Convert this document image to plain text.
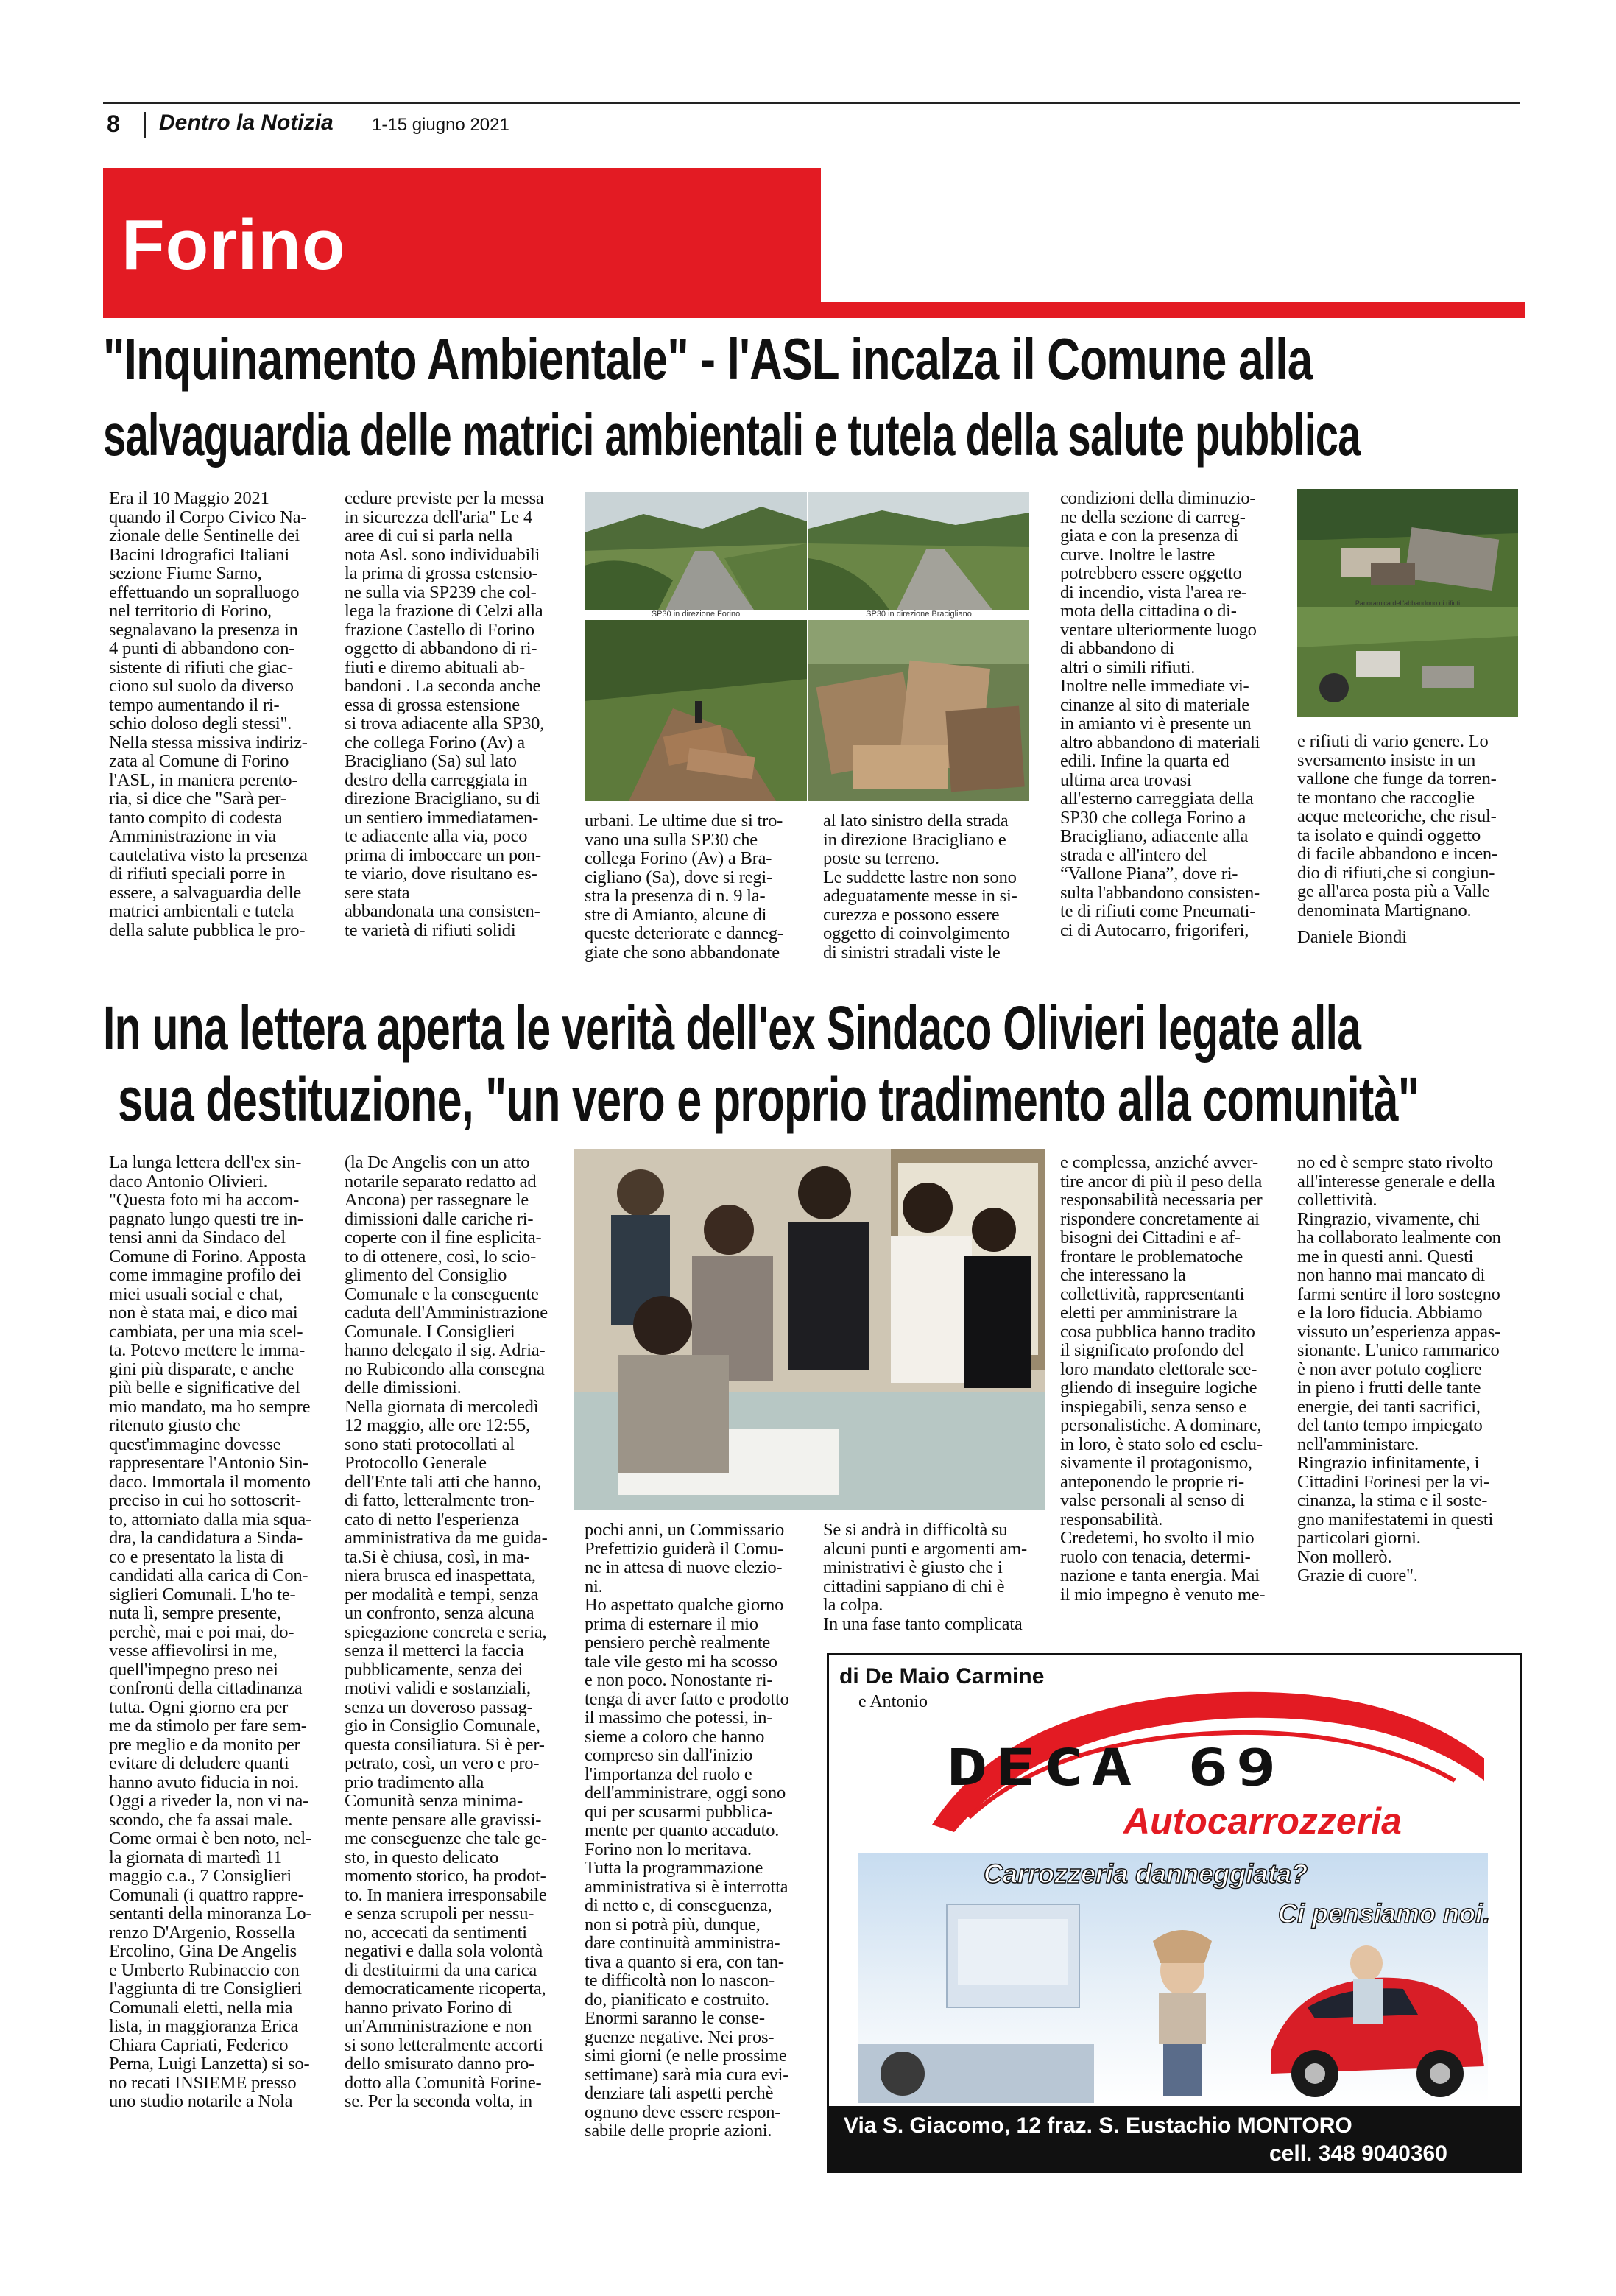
8 Dentro la Notizia 1-15 giugno 2021
Forino
"Inquinamento Ambientale" - l'ASL incalza il Comune alla
salvaguardia delle matrici ambientali e tutela della salute pubblica
Era il 10 Maggio 2021
quando il Corpo Civico Na-
zionale delle Sentinelle dei
Bacini Idrografici Italiani
sezione Fiume Sarno,
effettuando un sopralluogo
nel territorio di Forino,
segnalavano la presenza in
4 punti di abbandono con-
sistente di rifiuti che giac-
ciono sul suolo da diverso
tempo aumentando il ri-
schio doloso degli stessi".
Nella stessa missiva indiriz-
zata al Comune di Forino
l'ASL, in maniera perento-
ria, si dice che "Sarà per-
tanto compito di codesta
Amministrazione in via
cautelativa visto la presenza
di rifiuti speciali porre in
essere, a salvaguardia delle
matrici ambientali e tutela
della salute pubblica le pro-
cedure previste per la messa
in sicurezza dell'aria" Le 4
aree di cui si parla nella
nota Asl. sono individuabili
la prima di grossa estensio-
ne sulla via SP239 che col-
lega la frazione di Celzi alla
frazione Castello di Forino
oggetto di abbandono di ri-
fiuti e diremo abituali ab-
bandoni . La seconda anche
essa di grossa estensione
si trova adiacente alla SP30,
che collega Forino (Av) a
Bracigliano (Sa) sul lato
destro della carreggiata in
direzione Bracigliano, su di
un sentiero immediatamen-
te adiacente alla via, poco
prima di imboccare un pon-
te viario, dove risultano es-
sere stata
abbandonata una consisten-
te varietà di rifiuti solidi
urbani. Le ultime due si tro-
vano una sulla SP30 che
collega Forino (Av) a Bra-
cigliano (Sa), dove si regi-
stra la presenza di n. 9 la-
stre di Amianto, alcune di
queste deteriorate e danneg-
giate che sono abbandonate
al lato sinistro della strada
in direzione Bracigliano e
poste su terreno.
Le suddette lastre non sono
adeguatamente messe in si-
curezza e possono essere
oggetto di coinvolgimento
di sinistri stradali viste le
condizioni della diminuzio-
ne della sezione di carreg-
giata e con la presenza di
curve. Inoltre le lastre
potrebbero essere oggetto
di incendio, vista l'area re-
mota della cittadina o di-
ventare ulteriormente luogo
di abbandono di
altri o simili rifiuti.
Inoltre nelle immediate vi-
cinanze al sito di materiale
in amianto vi è presente un
altro abbandono di materiali
edili. Infine la quarta ed
ultima area trovasi
all'esterno carreggiata della
SP30 che collega Forino a
Bracigliano, adiacente alla
strada e all'intero del
“Vallone Piana”, dove ri-
sulta l'abbandono consisten-
te di rifiuti come Pneumati-
ci di Autocarro, frigoriferi,
e rifiuti di vario genere. Lo
sversamento insiste in un
vallone che funge da torren-
te montano che raccoglie
acque meteoriche, che risul-
ta isolato e quindi oggetto
di facile abbandono e incen-
dio di rifiuti,che si congiun-
ge all'area posta più a Valle
denominata Martignano.
Daniele Biondi
SP30 in direzione Forino	SP30 in direzione Bracigliano
Panoramica dell'abbandono di rifiuti
In una lettera aperta le verità dell'ex Sindaco Olivieri legate alla
sua destituzione, "un vero e proprio tradimento alla comunità"
La lunga lettera dell'ex sin-
daco Antonio Olivieri.
"Questa foto mi ha accom-
pagnato lungo questi tre in-
tensi anni da Sindaco del
Comune di Forino. Apposta
come immagine profilo dei
miei usuali social e chat,
non è stata mai, e dico mai
cambiata, per una mia scel-
ta. Potevo mettere le imma-
gini più disparate, e anche
più belle e significative del
mio mandato, ma ho sempre
ritenuto giusto che
quest'immagine dovesse
rappresentare l'Antonio Sin-
daco. Immortala il momento
preciso in cui ho sottoscrit-
to, attorniato dalla mia squa-
dra, la candidatura a Sinda-
co e presentato la lista di
candidati alla carica di Con-
siglieri Comunali. L'ho te-
nuta lì, sempre presente,
perchè, mai e poi mai, do-
vesse affievolirsi in me,
quell'impegno preso nei
confronti della cittadinanza
tutta. Ogni giorno era per
me da stimolo per fare sem-
pre meglio e da monito per
evitare di deludere quanti
hanno avuto fiducia in noi.
Oggi a riveder la, non vi na-
scondo, che fa assai male.
Come ormai è ben noto, nel-
la giornata di martedì 11
maggio c.a., 7 Consiglieri
Comunali (i quattro rappre-
sentanti della minoranza Lo-
renzo D'Argenio, Rossella
Ercolino, Gina De Angelis
e Umberto Rubinaccio con
l'aggiunta di tre Consiglieri
Comunali eletti, nella mia
lista, in maggioranza Erica
Chiara Capriati, Federico
Perna, Luigi Lanzetta) si so-
no recati INSIEME presso
uno studio notarile a Nola
(la De Angelis con un atto
notarile separato redatto ad
Ancona) per rassegnare le
dimissioni dalle cariche ri-
coperte con il fine esplicita-
to di ottenere, così, lo scio-
glimento del Consiglio
Comunale e la conseguente
caduta dell'Amministrazione
Comunale. I Consiglieri
hanno delegato il sig. Adria-
no Rubicondo alla consegna
delle dimissioni.
Nella giornata di mercoledì
12 maggio, alle ore 12:55,
sono stati protocollati al
Protocollo Generale
dell'Ente tali atti che hanno,
di fatto, letteralmente tron-
cato di netto l'esperienza
amministrativa da me guida-
ta.Si è chiusa, così, in ma-
niera brusca ed inaspettata,
per modalità e tempi, senza
un confronto, senza alcuna
spiegazione concreta e seria,
senza il metterci la faccia
pubblicamente, senza dei
motivi validi e sostanziali,
senza un doveroso passag-
gio in Consiglio Comunale,
questa consiliatura. Si è per-
petrato, così, un vero e pro-
prio tradimento alla
Comunità senza minima-
mente pensare alle gravissi-
me conseguenze che tale ge-
sto, in questo delicato
momento storico, ha prodot-
to. In maniera irresponsabile
e senza scrupoli per nessu-
no, accecati da sentimenti
negativi e dalla sola volontà
di destituirmi da una carica
democraticamente ricoperta,
hanno privato Forino di
un'Amministrazione e non
si sono letteralmente accorti
dello smisurato danno pro-
dotto alla Comunità Forine-
se. Per la seconda volta, in
pochi anni, un Commissario
Prefettizio guiderà il Comu-
ne in attesa di nuove elezio-
ni.
Ho aspettato qualche giorno
prima di esternare il mio
pensiero perchè realmente
tale vile gesto mi ha scosso
e non poco. Nonostante ri-
tenga di aver fatto e prodotto
il massimo che potessi, in-
sieme a coloro che hanno
compreso sin dall'inizio
l'importanza del ruolo e
dell'amministrare, oggi sono
qui per scusarmi pubblica-
mente per quanto accaduto.
Forino non lo meritava.
Tutta la programmazione
amministrativa si è interrotta
di netto e, di conseguenza,
non si potrà più, dunque,
dare continuità amministra-
tiva a quanto si era, con tan-
te difficoltà non lo nascon-
do, pianificato e costruito.
Enormi saranno le conse-
guenze negative. Nei pros-
simi giorni (e nelle prossime
settimane) sarà mia cura evi-
denziare tali aspetti perchè
ognuno deve essere respon-
sabile delle proprie azioni.
Se si andrà in difficoltà su
alcuni punti e argomenti am-
ministrativi è giusto che i
cittadini sappiano di chi è
la colpa.
In una fase tanto complicata
e complessa, anziché avver-
tire ancor di più il peso della
responsabilità necessaria per
rispondere concretamente ai
bisogni dei Cittadini e af-
frontare le problematoche
che interessano la
collettività, rappresentanti
eletti per amministrare la
cosa pubblica hanno tradito
il significato profondo del
loro mandato elettorale sce-
gliendo di inseguire logiche
inspiegabili, senza senso e
personalistiche. A dominare,
in loro, è stato solo ed esclu-
sivamente il protagonismo,
anteponendo le proprie ri-
valse personali al senso di
responsabilità.
Credetemi, ho svolto il mio
ruolo con tenacia, determi-
nazione e tanta energia. Mai
il mio impegno è venuto me-
no ed è sempre stato rivolto
all'interesse generale e della
collettività.
Ringrazio, vivamente, chi
ha collaborato lealmente con
me in questi anni. Questi
non hanno mai mancato di
farmi sentire il loro sostegno
e la loro fiducia. Abbiamo
vissuto un’esperienza appas-
sionante. L'unico rammarico
è non aver potuto cogliere
in pieno i frutti delle tante
energie, dei tanti sacrifici,
del tanto tempo impiegato
nell'amministare.
Ringrazio infinitamente, i
Cittadini Forinesi per la vi-
cinanza, la stima e il soste-
gno manifestatemi in questi
particolari giorni.
Non mollerò.
Grazie di cuore".
di De Maio Carmine
e Antonio
DECA 69
Autocarrozzeria
Carrozzeria danneggiata?
Ci pensiamo noi.
Via S. Giacomo, 12 fraz. S. Eustachio MONTORO
cell. 348 9040360
